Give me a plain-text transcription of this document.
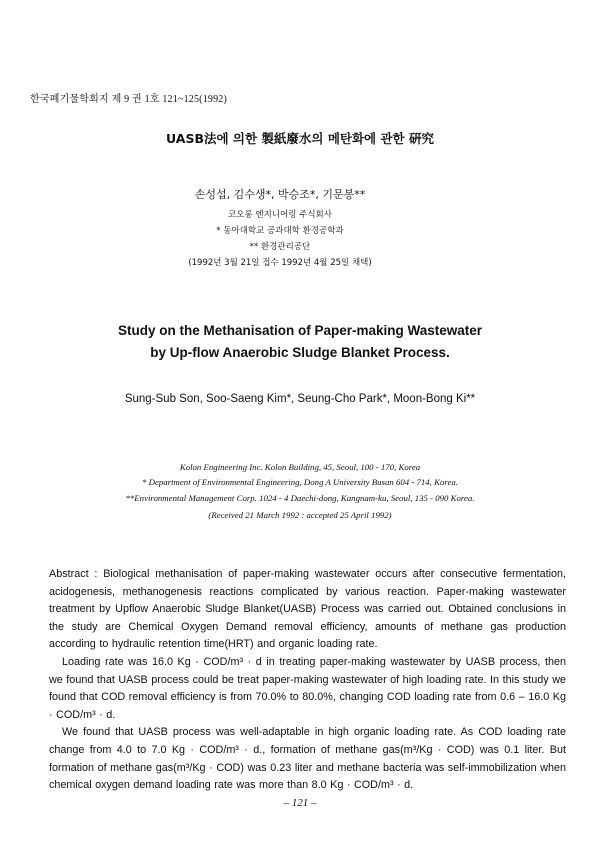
한국폐기물학회지 제 9 권 1호 121~125(1992)
UASB法에 의한 製紙廢水의 메탄화에 관한 硏究
손성섭, 김수생*, 박승조*, 기문봉**
코오롱 엔지니어링 주식회사
* 동아대학교 공과대학 환경공학과
** 환경관리공단
(1992년 3월 21일 접수 1992년 4월 25일 채택)
Study on the Methanisation of Paper-making Wastewater
by Up-flow Anaerobic Sludge Blanket Process.
Sung-Sub Son, Soo-Saeng Kim*, Seung-Cho Park*, Moon-Bong Ki**
Kolon Engineering Inc. Kolon Building, 45, Seoul, 100 - 170, Korea
* Department of Environmental Engineering, Dong A University Busan 604 - 714, Korea.
**Environmental Management Corp. 1024 - 4 Daechi-dong, Kangnam-ku, Seoul, 135 - 090 Korea.
(Received 21 March 1992 : accepted 25 April 1992)

Abstract : Biological methanisation of paper-making wastewater occurs after consecutive fermentation, acidogenesis, methanogenesis reactions complicated by various reaction. Paper-making wastewater treatment by Upflow Anaerobic Sludge Blanket(UASB) Process was carried out. Obtained conclusions in the study are Chemical Oxygen Demand removal efficiency, amounts of methane gas production according to hydraulic retention time(HRT) and organic loading rate.

Loading rate was 16.0 Kg · COD/m³ · d in treating paper-making wastewater by UASB process, then we found that UASB process could be treat paper-making wastewater of high loading rate. In this study we found that COD removal efficiency is from 70.0% to 80.0%, changing COD loading rate from 0.6 – 16.0 Kg · COD/m³ · d.

We found that UASB process was well-adaptable in high organic loading rate. As COD loading rate change from 4.0 to 7.0 Kg · COD/m³ · d., formation of methane gas(m³/Kg · COD) was 0.1 liter. But formation of methane gas(m³/Kg · COD) was 0.23 liter and methane bacteria was self-immobilization when chemical oxygen demand loading rate was more than 8.0 Kg · COD/m³ · d.

– 121 –
